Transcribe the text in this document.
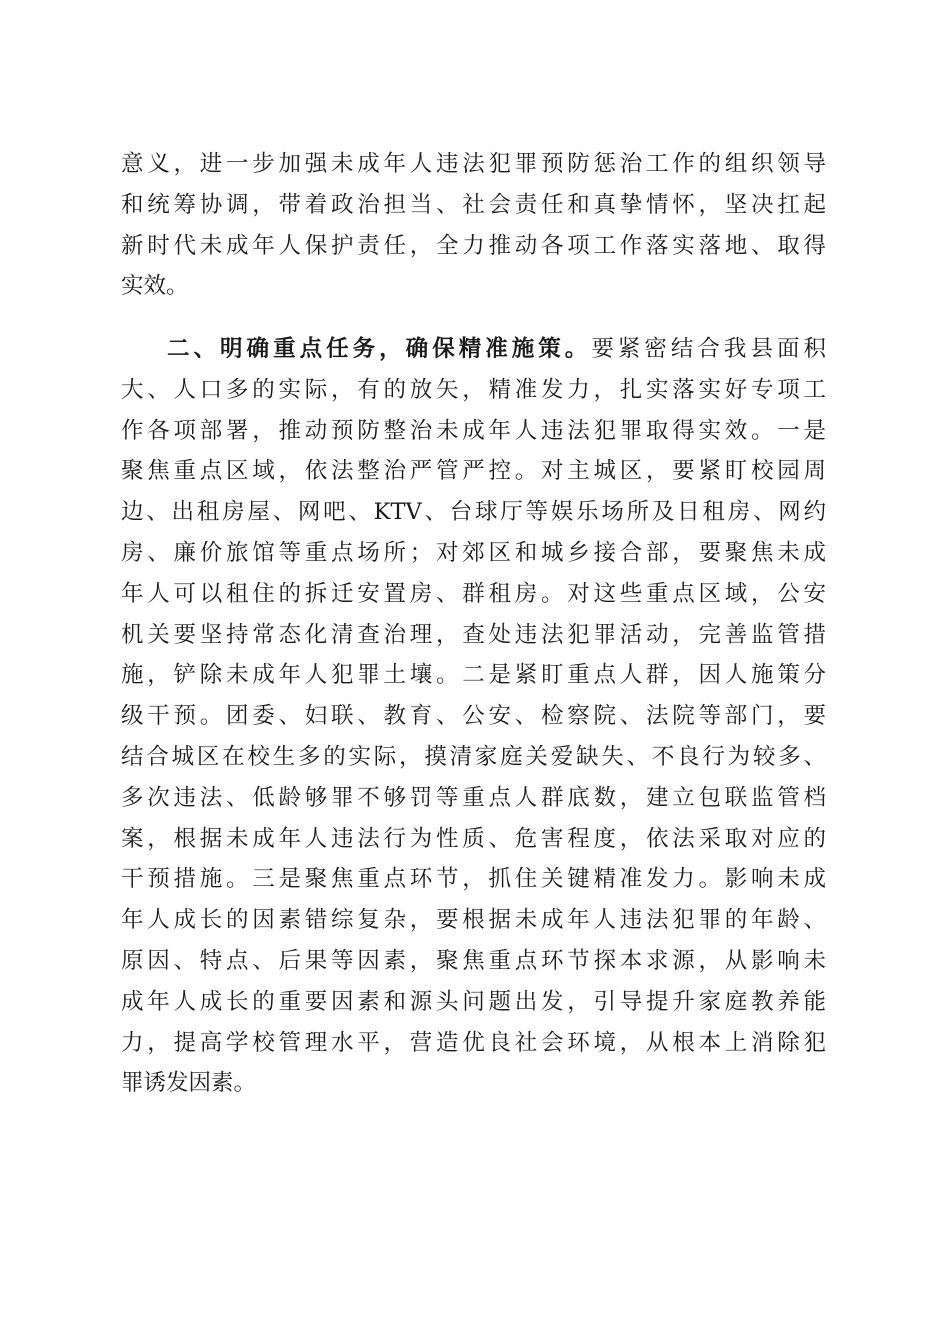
意义，进一步加强未成年人违法犯罪预防惩治工作的组织领导
和统筹协调，带着政治担当、社会责任和真挚情怀，坚决扛起
新时代未成年人保护责任，全力推动各项工作落实落地、取得
实效。
二、明确重点任务，确保精准施策。要紧密结合我县面积
大、人口多的实际，有的放矢，精准发力，扎实落实好专项工
作各项部署，推动预防整治未成年人违法犯罪取得实效。一是
聚焦重点区域，依法整治严管严控。对主城区，要紧盯校园周
边、出租房屋、网吧、KTV、台球厅等娱乐场所及日租房、网约
房、廉价旅馆等重点场所；对郊区和城乡接合部，要聚焦未成
年人可以租住的拆迁安置房、群租房。对这些重点区域，公安
机关要坚持常态化清查治理，查处违法犯罪活动，完善监管措
施，铲除未成年人犯罪土壤。二是紧盯重点人群，因人施策分
级干预。团委、妇联、教育、公安、检察院、法院等部门，要
结合城区在校生多的实际，摸清家庭关爱缺失、不良行为较多、
多次违法、低龄够罪不够罚等重点人群底数，建立包联监管档
案，根据未成年人违法行为性质、危害程度，依法采取对应的
干预措施。三是聚焦重点环节，抓住关键精准发力。影响未成
年人成长的因素错综复杂，要根据未成年人违法犯罪的年龄、
原因、特点、后果等因素，聚焦重点环节探本求源，从影响未
成年人成长的重要因素和源头问题出发，引导提升家庭教养能
力，提高学校管理水平，营造优良社会环境，从根本上消除犯
罪诱发因素。
